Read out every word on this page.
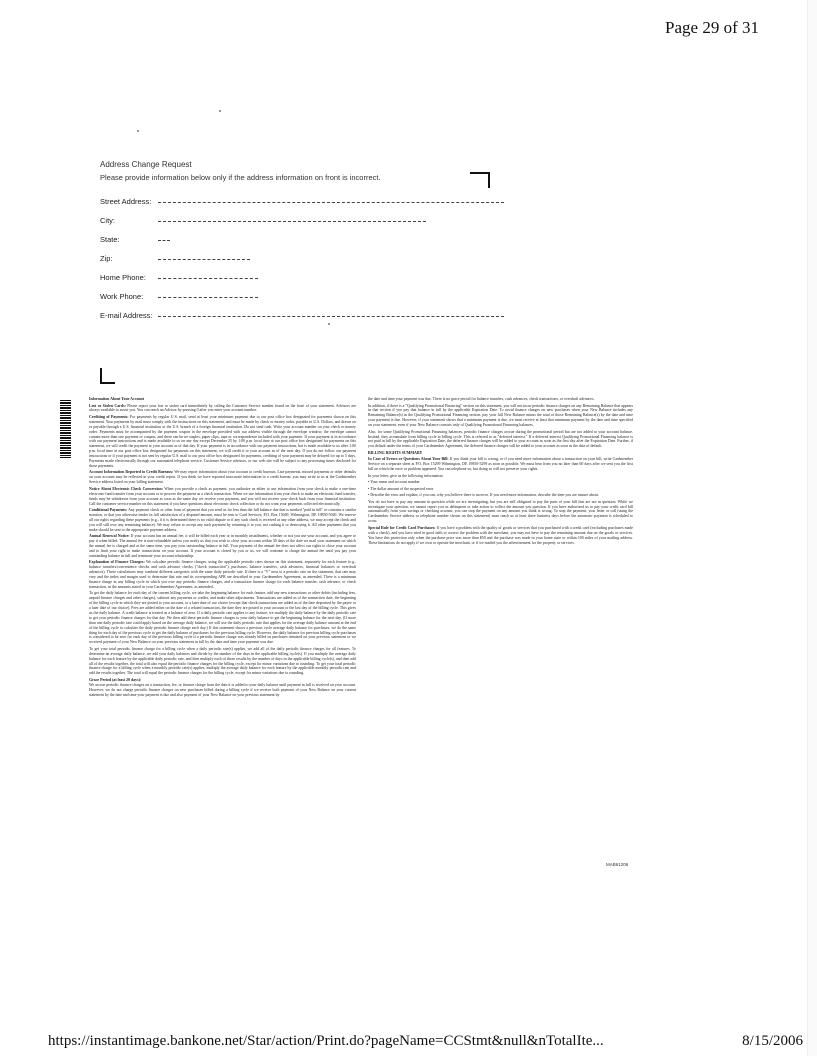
Page 29 of 31
Address Change Request
Please provide information below only if the address information on front is incorrect.
Street Address:
City:
State:
Zip:
Home Phone:
Work Phone:
E-mail Address:

Information About Your Account

Lost or Stolen Cards: Please report your lost or stolen card immediately by calling the Customer Service number found on the front of your statement. Advisors are always available to assist you. You can reach an Advisor by pressing 0 after you enter your account number.

Crediting of Payments: For payments by regular U.S. mail, send at least your minimum payment due to our post office box designated for payments shown on this statement. Your payments by mail must comply with the instructions on this statement, and must be made by check or money order, payable in U.S. Dollars, and drawn on or payable through a U.S. financial institution or the U.S. branch of a foreign financial institution. Do not send cash. Write your account number on your check or money order. Payments must be accompanied by the payment coupon in the envelope provided with our address visible through the envelope window; the envelope cannot contain more than one payment or coupon, and there can be no staples, paper clips, tape or correspondence included with your payment. If your payment is in accordance with our payment instructions and is made available to us on any day except December 25 by 1:00 p.m. local time at our post office box designated for payments on this statement, we will credit the payment to your account as of that day. If your payment is in accordance with our payment instructions, but is made available to us after 1:00 p.m. local time at our post office box designated for payments on this statement, we will credit it to your account as of the next day. If you do not follow our payment instructions or if your payment is not sent by regular U.S. mail to our post office box designated for payments, crediting of your payment may be delayed for up to 5 days. Payments made electronically through our automated telephone service, Customer Service advisors, or our web site will be subject to any processing times disclosed for those payments.

Account Information Reported to Credit Bureaus: We may report information about your account to credit bureaus. Late payments, missed payments or other defaults on your account may be reflected in your credit report. If you think we have reported inaccurate information to a credit bureau, you may write to us at the Cardmember Service address listed on your billing statement.

Notice About Electronic Check Conversion: When you provide a check as payment, you authorize us either to use information from your check to make a one-time electronic fund transfer from your account or to process the payment as a check transaction. When we use information from your check to make an electronic fund transfer, funds may be withdrawn from your account as soon as the same day we receive your payment, and you will not receive your check back from your financial institution. Call the customer service number on this statement if you have questions about electronic check collection or do not want your payments collected electronically.

Conditional Payments: Any payment check or other form of payment that you send us for less than the full balance due that is marked "paid in full" or contains a similar notation, or that you otherwise tender in full satisfaction of a disputed amount, must be sent to Card Services, P.O. Box 15049, Wilmington, DE 19850-5049. We reserve all our rights regarding these payments (e.g., if it is determined there is no valid dispute or if any such check is received at any other address, we may accept the check and you will still owe any remaining balance). We may refuse to accept any such payment by returning it to you, not cashing it or destroying it. All other payments that you make should be sent to the appropriate payment address.

Annual Renewal Notice: If your account has an annual fee, it will be billed each year or in monthly installments, whether or not you use your account, and you agree to pay it when billed. The annual fee is non-refundable unless you notify us that you wish to close your account within 30 days of the date we mail your statement on which the annual fee is charged and at the same time, you pay your outstanding balance in full. Your payment of the annual fee does not affect our rights to close your account and to limit your right to make transactions on your account. If your account is closed by you or us, we will continue to charge the annual fee until you pay your outstanding balance in full and terminate your account relationship.

Explanation of Finance Charges: We calculate periodic finance charges, using the applicable periodic rates shown on this statement, separately for each feature (e.g., balance transfers/convenience checks and cash advance checks ("check transaction"), purchases, balance transfers, cash advances, financial balances or overdraft advances). These calculations may combine different categories with the same daily periodic rate. If there is a "V" next to a periodic rate on the statement, that rate may vary and the index and margin used to determine that rate and its corresponding APR are described in your Cardmember Agreement, as amended. There is a minimum finance charge in any billing cycle in which you owe any periodic finance charges, and a transaction finance charge for each balance transfer, cash advance, or check transaction, in the amounts stated in your Cardmember Agreement, as amended.

To get the daily balance for each day of the current billing cycle, we take the beginning balance for each feature, add any new transactions or other debits (including fees, unpaid finance charges and other charges), subtract any payments or credits, and make other adjustments. Transactions are added as of the transaction date, the beginning of the billing cycle in which they are posted to your account, or a later date of our choice (except that check transactions are added as of the date deposited by the payee or a later date of our choice). Fees are added either on the date of a related transaction, the date they are posted to your account or the last day of the billing cycle. This gives us the daily balance. A credit balance is treated as a balance of zero. If a daily periodic rate applies to any feature, we multiply the daily balance by the daily periodic rate to get your periodic finance charges for that day. We then add these periodic finance charges to your daily balance to get the beginning balance for the next day. (If more than one daily periodic rate could apply based on the average daily balance, we will use the daily periodic rate that applies for the average daily balance amount at the end of the billing cycle to calculate the daily periodic finance charge each day.) If this statement shows a previous cycle average daily balance for purchases, we do the same thing for each day of the previous cycle to get the daily balance of purchases for the previous billing cycle. However, the daily balance for previous billing cycle purchases is considered to be zero for each day of the previous billing cycle if a periodic finance charge was already billed on purchases itemized on your previous statement or we received payment of your New Balance on your previous statement in full by the date and time your payment was due.

To get your total periodic finance charge for a billing cycle when a daily periodic rate(s) applies, we add all of the daily periodic finance charges for all features. To determine an average daily balance, we add your daily balances and divide by the number of the days in the applicable billing cycle(s). If you multiply the average daily balance for each feature by the applicable daily periodic rate, and then multiply each of those results by the number of days in the applicable billing cycle(s), and then add all of the results together, the total will also equal the periodic finance charges for the billing cycle, except for minor variations due to rounding. To get your total periodic finance charge for a billing cycle when a monthly periodic rate(s) applies, multiply the average daily balance for each feature by the applicable monthly periodic rate and add the results together. The total will equal the periodic finance charges for the billing cycle, except for minor variations due to rounding.

Grace Period (at least 20 days):
We accrue periodic finance charges on a transaction, fee, or finance charge from the date it is added to your daily balance until payment in full is received on your account. However, we do not charge periodic finance charges on new purchases billed during a billing cycle if we receive both payment of your New Balance on your current statement by the date and time your payment is due and also payment of your New Balance on your previous statement by

the date and time your payment was due. There is no grace period for balance transfers, cash advances, check transactions, or overdraft advances.

In addition, if there is a "Qualifying Promotional Financing" section on this statement, you will not incur periodic finance charges on any Remaining Balance that appears in that section if you pay that balance in full by the applicable Expiration Date. To avoid finance charges on new purchases when your New Balance includes any Remaining Balance(s) in the Qualifying Promotional Financing section, pay your full New Balance minus the total of those Remaining Balance(s) by the date and time your payment is due. However, if your statement shows that a minimum payment is due, we must receive at least that minimum payment by the date and time specified on your statement, even if your New Balance consists only of Qualifying Promotional Financing balances.

Also, for some Qualifying Promotional Financing balances, periodic finance charges accrue during the promotional period but are not added to your account balance. Instead, they accumulate from billing cycle to billing cycle. This is referred to as "deferred interest." If a deferred interest Qualifying Promotional Financing balance is not paid in full by the applicable Expiration Date, the deferred finance charges will be added to your account as soon as the first day after the Expiration Date. Further, if you default under the terms of your Cardmember Agreement, the deferred finance charges will be added to your account as soon as the date of default.

BILLING RIGHTS SUMMARY

In Case of Errors or Questions About Your Bill: If you think your bill is wrong, or if you need more information about a transaction on your bill, write Cardmember Service on a separate sheet at P.O. Box 15299 Wilmington, DE 19850-5299 as soon as possible. We must hear from you no later than 60 days after we sent you the first bill on which the error or problem appeared. You can telephone us, but doing so will not preserve your rights.

In your letter, give us the following information:

• Your name and account number

• The dollar amount of the suspected error

• Describe the error and explain, if you can, why you believe there is an error. If you need more information, describe the item you are unsure about.

You do not have to pay any amount in question while we are investigating, but you are still obligated to pay the parts of your bill that are not in question. While we investigate your question, we cannot report you as delinquent or take action to collect the amount you question. If you have authorized us to pay your credit card bill automatically from your savings or checking account, you can stop the payment on any amount you think is wrong. To stop the payment, your letter or call (using the Cardmember Service address or telephone number shown on this statement) must reach us at least three business days before the automatic payment is scheduled to occur.

Special Rule for Credit Card Purchases: If you have a problem with the quality of goods or services that you purchased with a credit card (excluding purchases made with a check), and you have tried in good faith to correct the problem with the merchant, you may not have to pay the remaining amount due on the goods or services. You have this protection only when the purchase price was more than $50 and the purchase was made in your home state or within 100 miles of your mailing address. These limitations do not apply if we own or operate the merchant, or if we mailed you the advertisement for the property or services.

MAB61206
https://instantimage.bankone.net/Star/action/Print.do?pageName=CCStmt&null&nTotalIte...	8/15/2006
